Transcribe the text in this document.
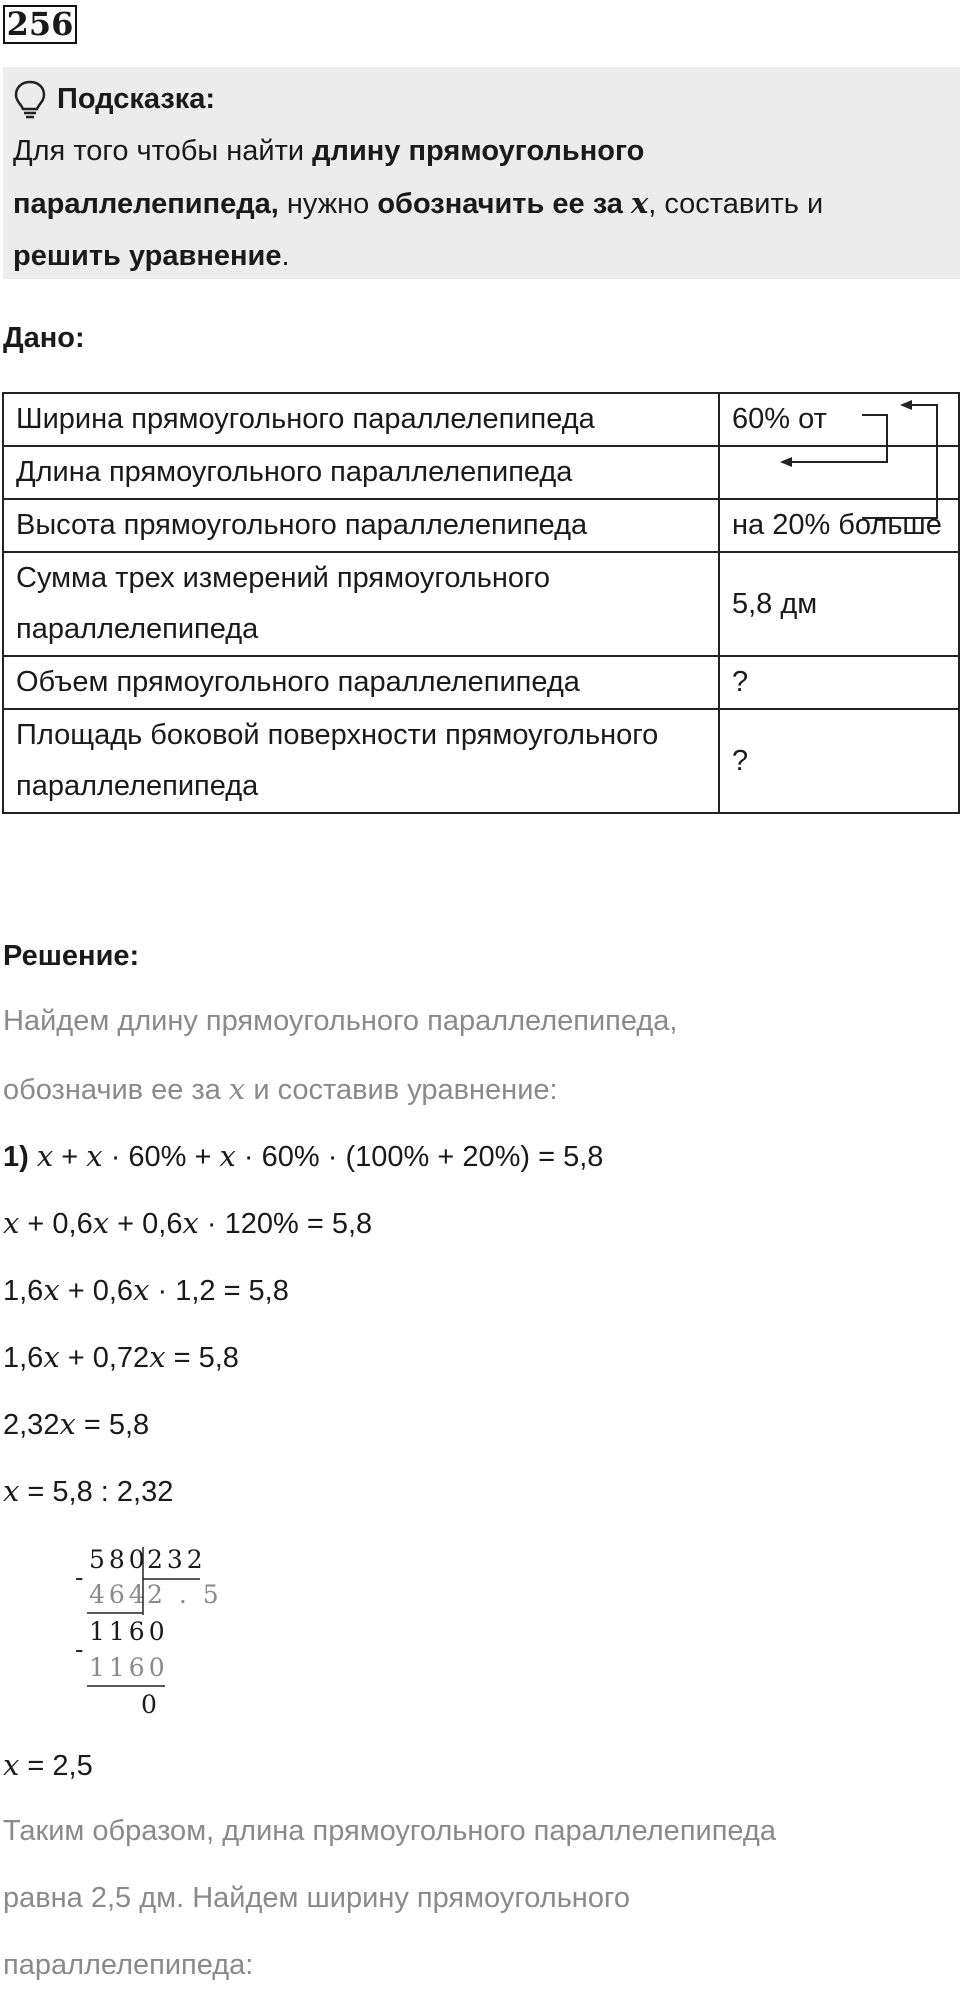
256
Подсказка:
Для того чтобы найти длину прямоугольного
параллелепипеда, нужно обозначить ее за x, составить и
решить уравнение.
Дано:
Ширина прямоугольного параллелепипеда	60% от
Длина прямоугольного параллелепипеда	
Высота прямоугольного параллелепипеда	на 20% больше
Сумма трех измерений прямоугольного параллелепипеда	5,8 дм
Объем прямоугольного параллелепипеда	?
Площадь боковой поверхности прямоугольного параллелепипеда	?
Решение:
Найдем длину прямоугольного параллелепипеда,
обозначив ее за x и составив уравнение:
1) x + x · 60% + x · 60% · (100% + 20%) = 5,8
x + 0,6x + 0,6x · 120% = 5,8
1,6x + 0,6x · 1,2 = 5,8
1,6x + 0,72x = 5,8
2,32x = 5,8
x = 5,8 : 2,32
580
232
-
464
2 . 5
1160
-
1160
0
x = 2,5
Таким образом, длина прямоугольного параллелепипеда
равна 2,5 дм. Найдем ширину прямоугольного
параллелепипеда:
